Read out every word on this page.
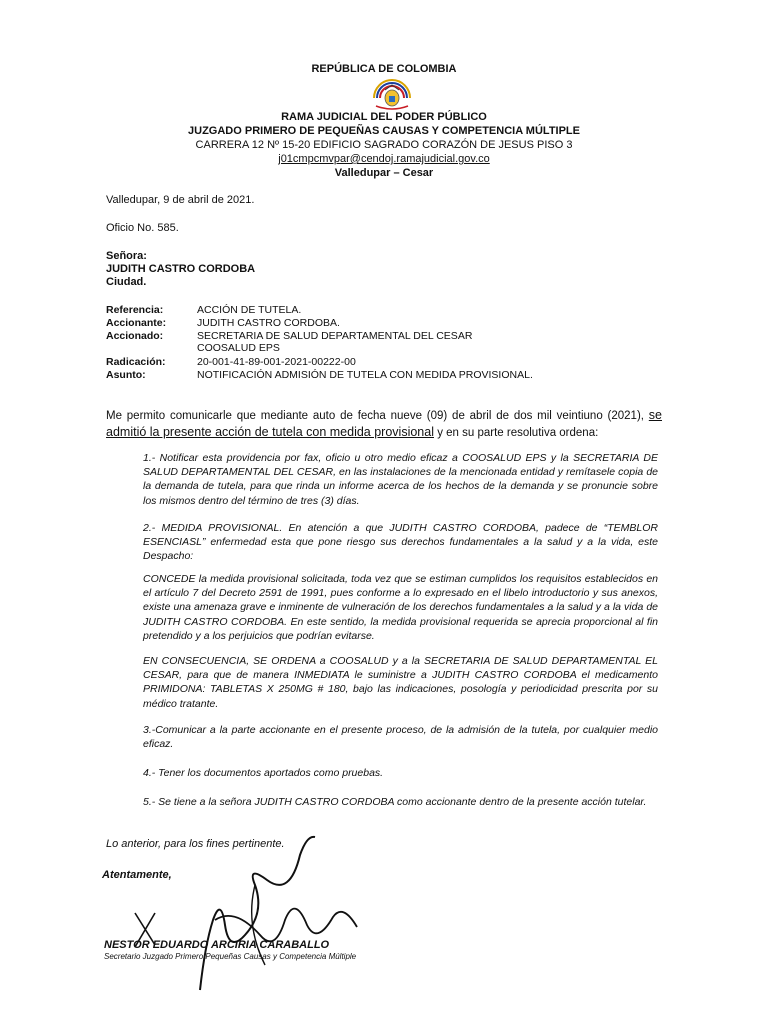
REPÚBLICA DE COLOMBIA
RAMA JUDICIAL DEL PODER PÚBLICO
JUZGADO PRIMERO DE PEQUEÑAS CAUSAS Y COMPETENCIA MÚLTIPLE
CARRERA 12 Nº 15-20 EDIFICIO SAGRADO CORAZÓN DE JESUS PISO 3
j01cmpcmvpar@cendoj.ramajudicial.gov.co
Valledupar – Cesar
Valledupar, 9 de abril de 2021.
Oficio No. 585.
Señora:
JUDITH CASTRO CORDOBA
Ciudad.
Referencia:	ACCIÓN DE TUTELA.
Accionante:	JUDITH CASTRO CORDOBA.
Accionado:	SECRETARIA DE SALUD DEPARTAMENTAL DEL CESAR
COOSALUD EPS
Radicación:	20-001-41-89-001-2021-00222-00
Asunto:	NOTIFICACIÓN ADMISIÓN DE TUTELA CON MEDIDA PROVISIONAL.
Me permito comunicarle que mediante auto de fecha nueve (09) de abril de dos mil veintiuno (2021), se admitió la presente acción de tutela con medida provisional y en su parte resolutiva ordena:
1.- Notificar esta providencia por fax, oficio u otro medio eficaz a COOSALUD EPS y la SECRETARIA DE SALUD DEPARTAMENTAL DEL CESAR, en las instalaciones de la mencionada entidad y remítasele copia de la demanda de tutela, para que rinda un informe acerca de los hechos de la demanda y se pronuncie sobre los mismos dentro del término de tres (3) días.
2.- MEDIDA PROVISIONAL. En atención a que JUDITH CASTRO CORDOBA, padece de “TEMBLOR ESENCIASL” enfermedad esta que pone riesgo sus derechos fundamentales a la salud y a la vida, este Despacho:
CONCEDE la medida provisional solicitada, toda vez que se estiman cumplidos los requisitos establecidos en el artículo 7 del Decreto 2591 de 1991, pues conforme a lo expresado en el libelo introductorio y sus anexos, existe una amenaza grave e inminente de vulneración de los derechos fundamentales a la salud y a la vida de JUDITH CASTRO CORDOBA. En este sentido, la medida provisional requerida se aprecia proporcional al fin pretendido y a los perjuicios que podrían evitarse.
EN CONSECUENCIA, SE ORDENA a COOSALUD y a la SECRETARIA DE SALUD DEPARTAMENTAL EL CESAR, para que de manera INMEDIATA le suministre a JUDITH CASTRO CORDOBA el medicamento PRIMIDONA: TABLETAS X 250MG # 180, bajo las indicaciones, posología y periodicidad prescrita por su médico tratante.
3.-Comunicar a la parte accionante en el presente proceso, de la admisión de la tutela, por cualquier medio eficaz.
4.- Tener los documentos aportados como pruebas.
5.- Se tiene a la señora JUDITH CASTRO CORDOBA como accionante dentro de la presente acción tutelar.
Lo anterior, para los fines pertinente.
Atentamente,
NESTOR EDUARDO ARCIRIA CARABALLO
Secretario Juzgado Primero Pequeñas Causas y Competencia Múltiple
